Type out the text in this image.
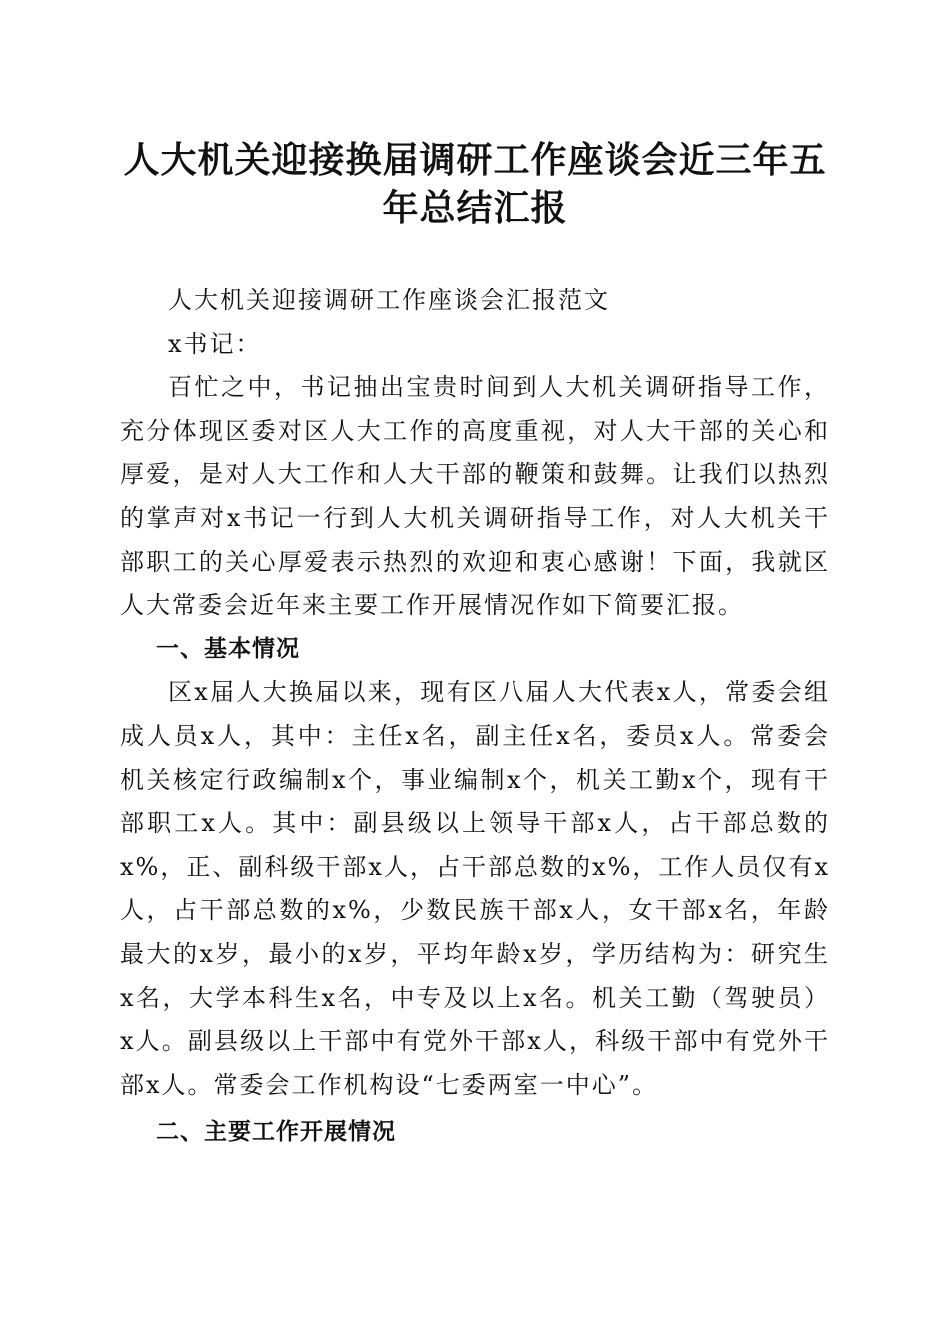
人大机关迎接换届调研工作座谈会近三年五年总结汇报

人大机关迎接调研工作座谈会汇报范文

x书记：

百忙之中，书记抽出宝贵时间到人大机关调研指导工作，充分体现区委对区人大工作的高度重视，对人大干部的关心和厚爱，是对人大工作和人大干部的鞭策和鼓舞。让我们以热烈的掌声对x书记一行到人大机关调研指导工作，对人大机关干部职工的关心厚爱表示热烈的欢迎和衷心感谢！下面，我就区人大常委会近年来主要工作开展情况作如下简要汇报。

一、基本情况

区x届人大换届以来，现有区八届人大代表x人，常委会组成人员x人，其中：主任x名，副主任x名，委员x人。常委会机关核定行政编制x个，事业编制x个，机关工勤x个，现有干部职工x人。其中：副县级以上领导干部x人，占干部总数的x%，正、副科级干部x人，占干部总数的x%，工作人员仅有x人，占干部总数的x%，少数民族干部x人，女干部x名，年龄最大的x岁，最小的x岁，平均年龄x岁，学历结构为：研究生x名，大学本科生x名，中专及以上x名。机关工勤（驾驶员）x人。副县级以上干部中有党外干部x人，科级干部中有党外干部x人。常委会工作机构设“七委两室一中心”。

二、主要工作开展情况
